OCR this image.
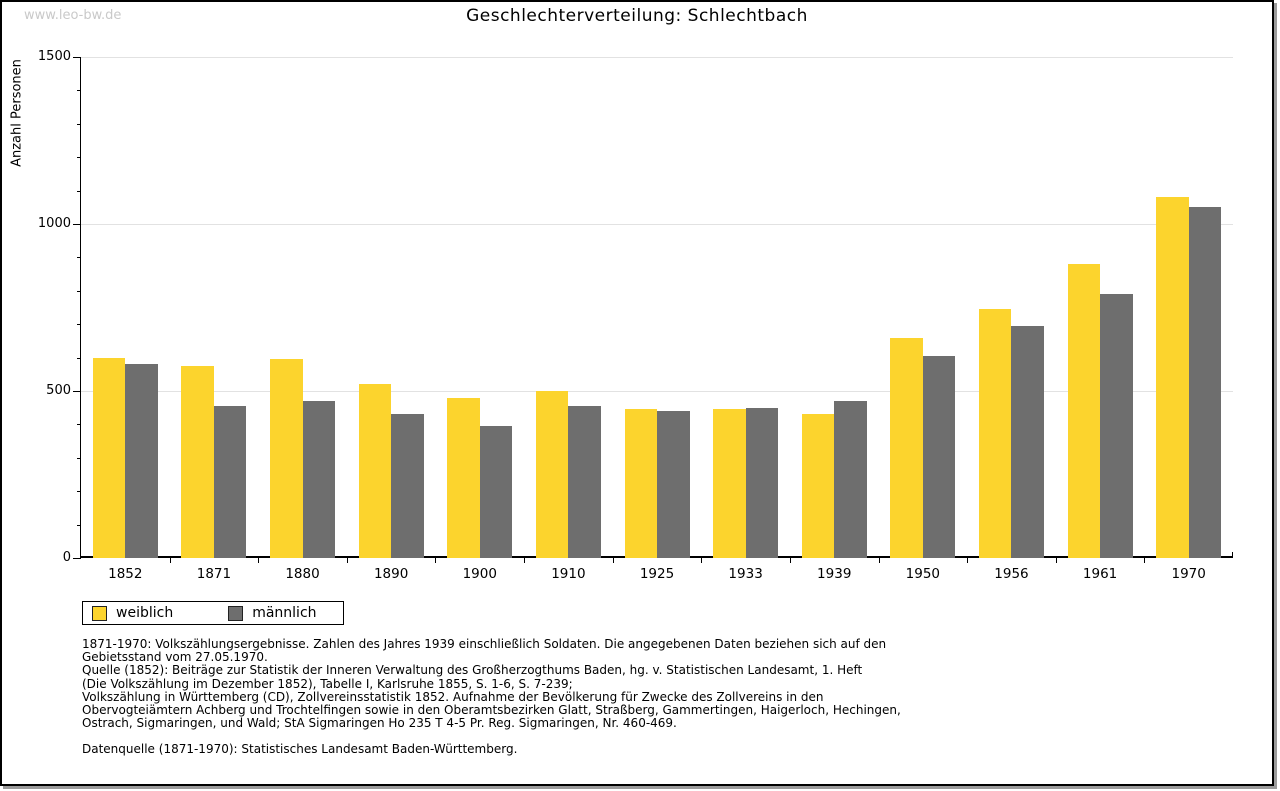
www.leo-bw.de	Geschlechterverteilung: Schlechtbach
Anzahl Personen
0
500
1000
1500
1852	1871	1880	1890	1900	1910	1925	1933	1939	1950	1956	1961	1970
weiblich	männlich
1871-1970: Volkszählungsergebnisse. Zahlen des Jahres 1939 einschließlich Soldaten. Die angegebenen Daten beziehen sich auf den
Gebietsstand vom 27.05.1970.
Quelle (1852): Beiträge zur Statistik der Inneren Verwaltung des Großherzogthums Baden, hg. v. Statistischen Landesamt, 1. Heft
(Die Volkszählung im Dezember 1852), Tabelle I, Karlsruhe 1855, S. 1-6, S. 7-239;
Volkszählung in Württemberg (CD), Zollvereinsstatistik 1852. Aufnahme der Bevölkerung für Zwecke des Zollvereins in den
Obervogteiämtern Achberg und Trochtelfingen sowie in den Oberamtsbezirken Glatt, Straßberg, Gammertingen, Haigerloch, Hechingen,
Ostrach, Sigmaringen, und Wald; StA Sigmaringen Ho 235 T 4-5 Pr. Reg. Sigmaringen, Nr. 460-469.
Datenquelle (1871-1970): Statistisches Landesamt Baden-Württemberg.
